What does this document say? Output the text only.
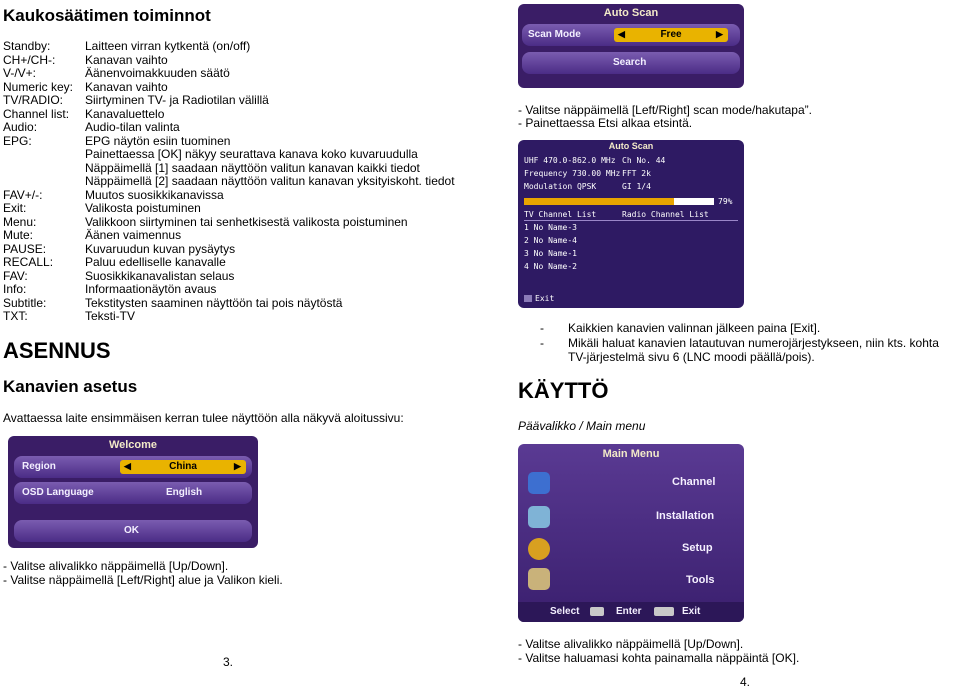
Kaukosäätimen toiminnot
Standby:	Laitteen virran kytkentä (on/off)
CH+/CH-: Kanavan vaihto
V-/V+:	Äänenvoimakkuuden säätö
Numeric key: Kanavan vaihto
TV/RADIO: Siirtyminen TV- ja Radiotilan välillä
Channel list: Kanavaluettelo
Audio:	Audio-tilan valinta
EPG:	EPG näytön esiin tuominen
Painettaessa [OK] näkyy seurattava kanava koko kuvaruudulla
Näppäimellä [1] saadaan näyttöön valitun kanavan kaikki tiedot
Näppäimellä [2] saadaan näyttöön valitun kanavan yksityiskoht. tiedot
FAV+/-:	Muutos suosikkikanavissa
Exit:	Valikosta poistuminen
Menu:	Valikkoon siirtyminen tai senhetkisestä valikosta poistuminen
Mute:	Äänen vaimennus
PAUSE:	Kuvaruudun kuvan pysäytys
RECALL:	Paluu edelliselle kanavalle
FAV:	Suosikkikanavalistan selaus
Info:	Informaationäytön avaus
Subtitle:	Tekstitysten saaminen näyttöön tai pois näytöstä
TXT:	Teksti-TV
ASENNUS
Kanavien asetus
Avattaessa laite ensimmäisen kerran tulee näyttöön alla näkyvä aloitussivu:
Welcome
Region	China
◀	▶
OSD Language	English
OK
- Valitse alivalikko näppäimellä [Up/Down].
- Valitse näppäimellä [Left/Right] alue ja Valikon kieli.
3.
Auto Scan
Scan Mode	Free
◀	▶
Search
- Valitse näppäimellä [Left/Right] scan mode/hakutapa”.
- Painettaessa Etsi alkaa etsintä.
Auto Scan
UHF 470.0-862.0 MHz Ch No. 44
Frequency 730.00 MHz FFT 2k
Modulation QPSK	GI 1/4
79%
TV Channel List	Radio Channel List
1 No Name-3
2 No Name-4
3 No Name-1
4 No Name-2
Exit
- Kaikkien kanavien valinnan jälkeen paina [Exit].
- Mikäli haluat kanavien latautuvan numerojärjestykseen, niin kts. kohta TV-järjestelmä sivu 6 (LNC moodi päällä/pois).
KÄYTTÖ
Päävalikko / Main menu
Main Menu
Channel
Installation
Setup
Tools
Select	Enter	Exit
- Valitse alivalikko näppäimellä [Up/Down].
- Valitse haluamasi kohta painamalla näppäintä [OK].
4.
